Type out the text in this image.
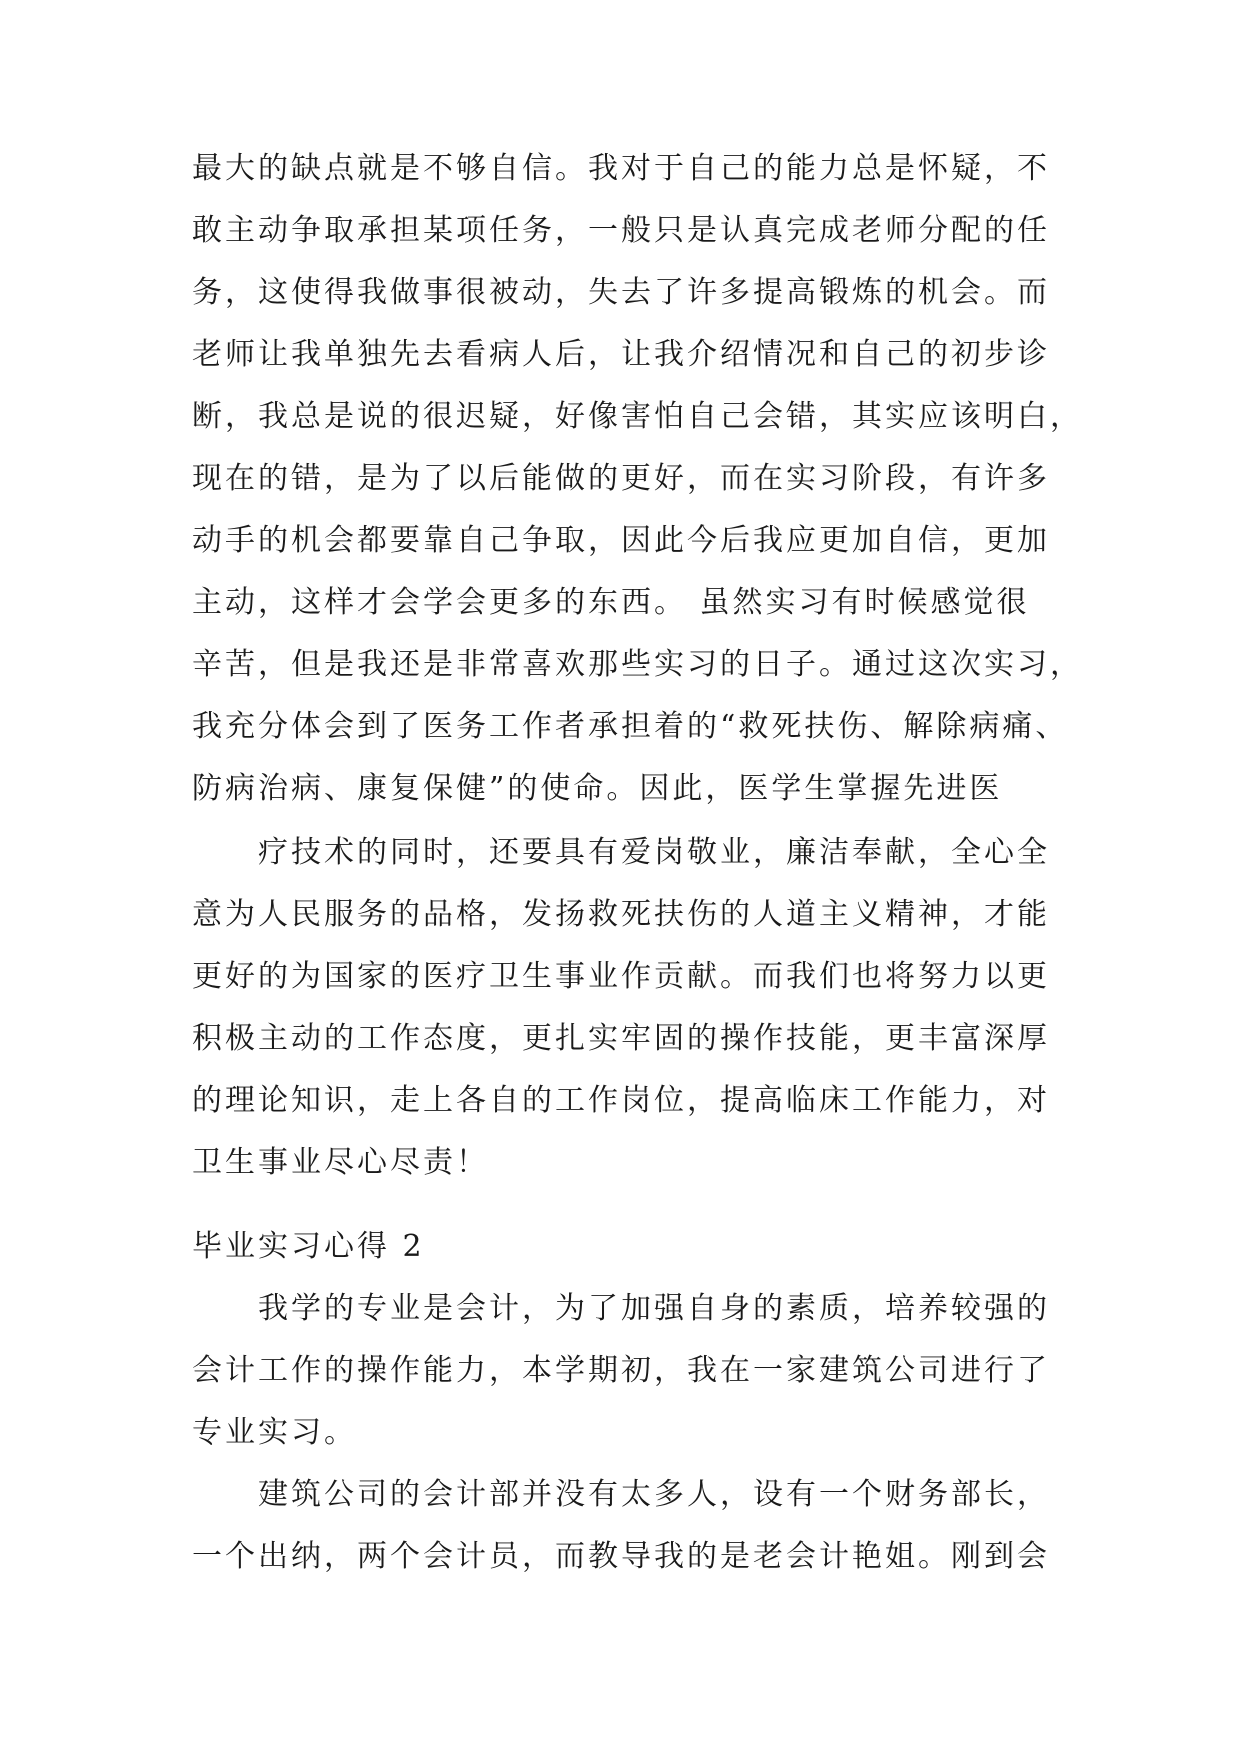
最大的缺点就是不够自信。我对于自己的能力总是怀疑，不
敢主动争取承担某项任务，一般只是认真完成老师分配的任
务，这使得我做事很被动，失去了许多提高锻炼的机会。而
老师让我单独先去看病人后，让我介绍情况和自己的初步诊
断，我总是说的很迟疑，好像害怕自己会错，其实应该明白，
现在的错，是为了以后能做的更好，而在实习阶段，有许多
动手的机会都要靠自己争取，因此今后我应更加自信，更加
主动，这样才会学会更多的东西。 虽然实习有时候感觉很
辛苦，但是我还是非常喜欢那些实习的日子。通过这次实习，
我充分体会到了医务工作者承担着的“救死扶伤、解除病痛、
防病治病、康复保健”的使命。因此，医学生掌握先进医
疗技术的同时，还要具有爱岗敬业，廉洁奉献，全心全
意为人民服务的品格，发扬救死扶伤的人道主义精神，才能
更好的为国家的医疗卫生事业作贡献。而我们也将努力以更
积极主动的工作态度，更扎实牢固的操作技能，更丰富深厚
的理论知识，走上各自的工作岗位，提高临床工作能力，对
卫生事业尽心尽责！
毕业实习心得 2
我学的专业是会计，为了加强自身的素质，培养较强的
会计工作的操作能力，本学期初，我在一家建筑公司进行了
专业实习。
建筑公司的会计部并没有太多人，设有一个财务部长，
一个出纳，两个会计员，而教导我的是老会计艳姐。刚到会
